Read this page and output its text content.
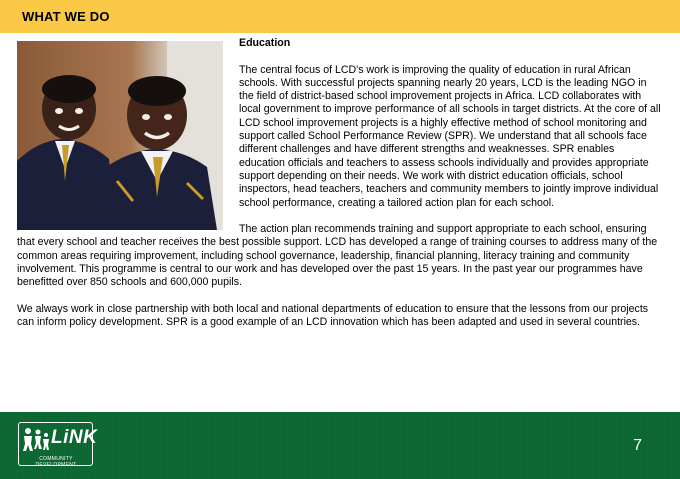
WHAT WE DO

Education

The central focus of LCD's work is improving the quality of education in rural African schools. With successful projects spanning nearly 20 years, LCD is the leading NGO in the field of district-based school improvement projects in Africa. LCD collaborates with local government to improve performance of all schools in target districts. At the core of all LCD school improvement projects is a highly effective method of school monitoring and support called School Performance Review (SPR). We understand that all schools face different challenges and have different strengths and weaknesses. SPR enables education officials and teachers to assess schools individually and provides appropriate support depending on their needs. We work with district education officials, school inspectors, head teachers, teachers and community members to jointly improve individual school performance, creating a tailored action plan for each school.

The action plan recommends training and support appropriate to each school, ensuring that every school and teacher receives the best possible support. LCD has developed a range of training courses to address many of the common areas requiring improvement, including school governance, leadership, financial planning, literacy training and community involvement. This programme is central to our work and has developed over the past 15 years. In the past year our programmes have benefitted over 850 schools and 600,000 pupils.

We always work in close partnership with both local and national departments of education to ensure that the lessons from our projects can inform policy development. SPR is a good example of an LCD innovation which has been adapted and used in several countries.

LiNK
COMMUNITY DEVELOPMENT
7
